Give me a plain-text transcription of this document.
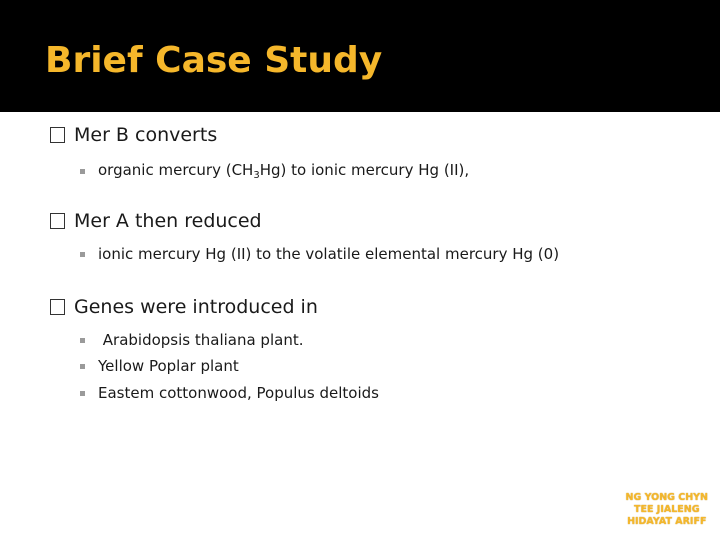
Brief Case Study
Mer B converts
organic mercury $(CH_3Hg)$ to ionic mercury Hg (II),
Mer A then reduced
ionic mercury Hg (II) to the volatile elemental mercury Hg (0)
Genes were introduced in
Arabidopsis thaliana plant.
Yellow Poplar plant
Eastem cottonwood, Populus deltoids
NG YONG CHYN
TEE JIALENG
HIDAYAT ARIFF
